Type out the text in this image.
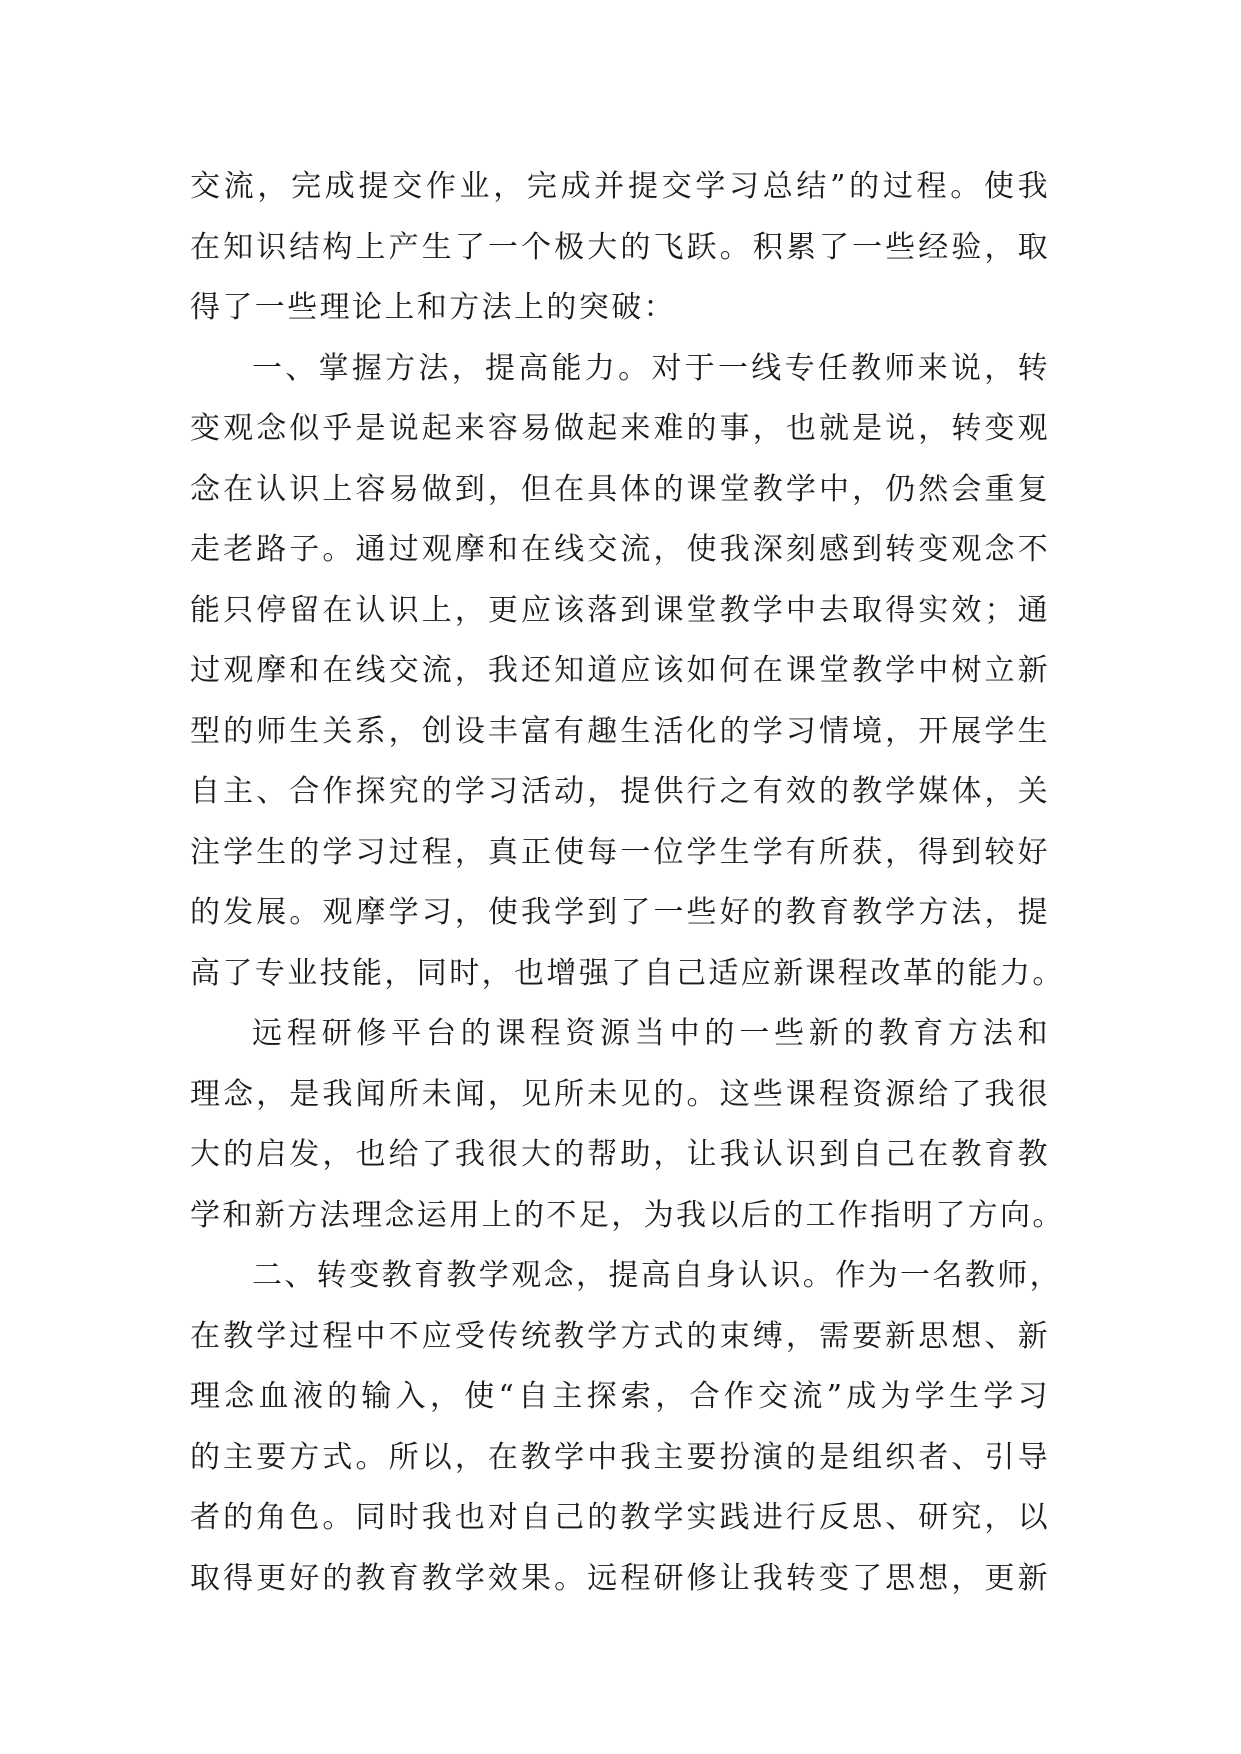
交流，完成提交作业，完成并提交学习总结”的过程。使我
在知识结构上产生了一个极大的飞跃。积累了一些经验，取
得了一些理论上和方法上的突破：
一、掌握方法，提高能力。对于一线专任教师来说，转
变观念似乎是说起来容易做起来难的事，也就是说，转变观
念在认识上容易做到，但在具体的课堂教学中，仍然会重复
走老路子。通过观摩和在线交流，使我深刻感到转变观念不
能只停留在认识上，更应该落到课堂教学中去取得实效；通
过观摩和在线交流，我还知道应该如何在课堂教学中树立新
型的师生关系，创设丰富有趣生活化的学习情境，开展学生
自主、合作探究的学习活动，提供行之有效的教学媒体，关
注学生的学习过程，真正使每一位学生学有所获，得到较好
的发展。观摩学习，使我学到了一些好的教育教学方法，提
高了专业技能，同时，也增强了自己适应新课程改革的能力。
远程研修平台的课程资源当中的一些新的教育方法和
理念，是我闻所未闻，见所未见的。这些课程资源给了我很
大的启发，也给了我很大的帮助，让我认识到自己在教育教
学和新方法理念运用上的不足，为我以后的工作指明了方向。
二、转变教育教学观念，提高自身认识。作为一名教师，
在教学过程中不应受传统教学方式的束缚，需要新思想、新
理念血液的输入，使“自主探索，合作交流”成为学生学习
的主要方式。所以，在教学中我主要扮演的是组织者、引导
者的角色。同时我也对自己的教学实践进行反思、研究，以
取得更好的教育教学效果。远程研修让我转变了思想，更新
